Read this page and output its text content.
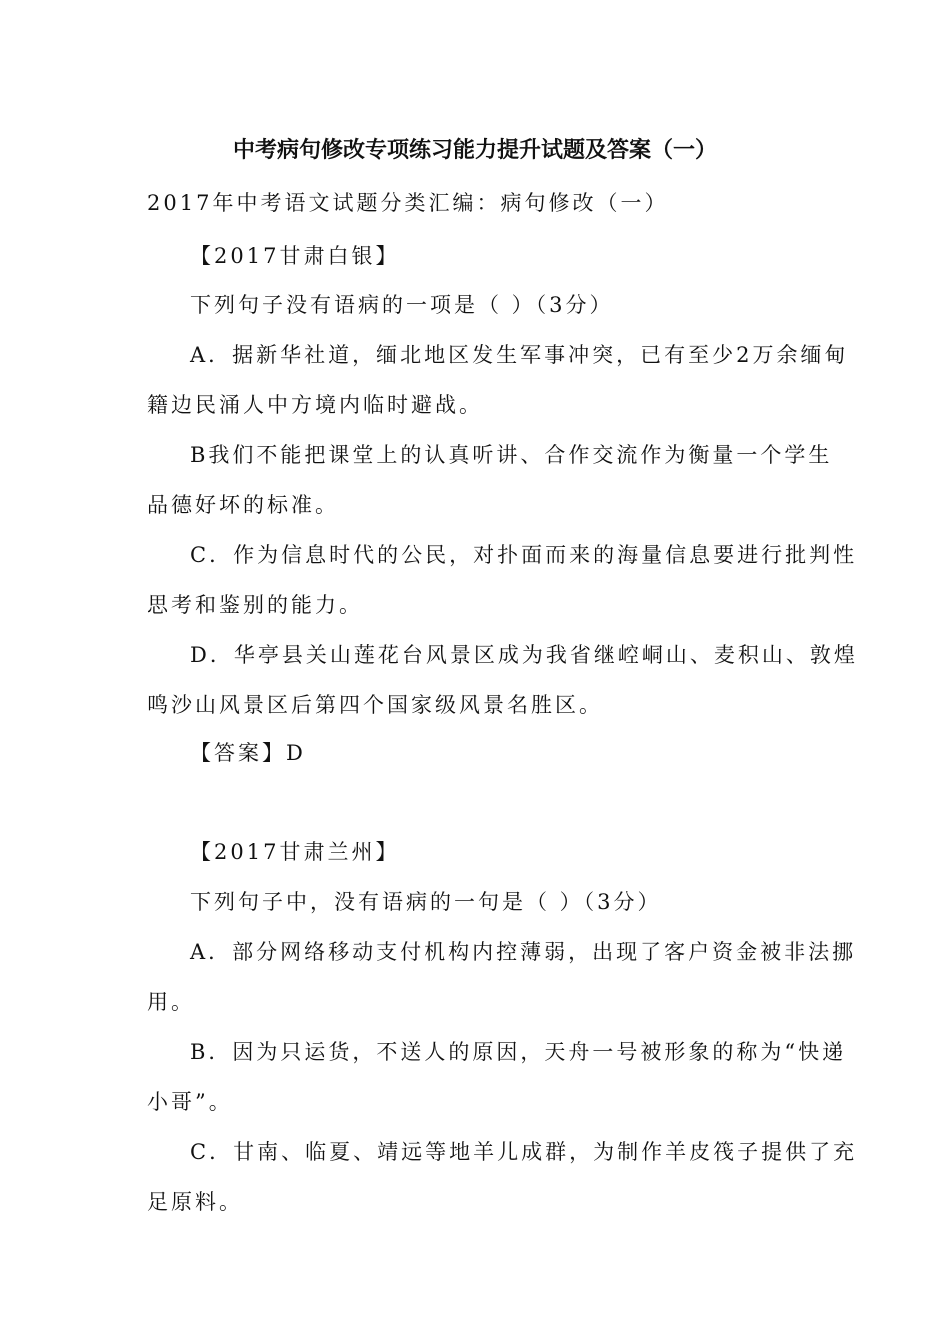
中考病句修改专项练习能力提升试题及答案（一）
2017年中考语文试题分类汇编：病句修改（一）
【2017甘肃白银】
下列句子没有语病的一项是（ ）（3分）
A．据新华社道，缅北地区发生军事冲突，已有至少2万余缅甸
籍边民涌人中方境内临时避战。
B我们不能把课堂上的认真听讲、合作交流作为衡量一个学生
品德好坏的标准。
C．作为信息时代的公民，对扑面而来的海量信息要进行批判性
思考和鉴别的能力。
D．华亭县关山莲花台风景区成为我省继崆峒山、麦积山、敦煌
鸣沙山风景区后第四个国家级风景名胜区。
【答案】D
【2017甘肃兰州】
下列句子中，没有语病的一句是（ ）（3分）
A．部分网络移动支付机构内控薄弱，出现了客户资金被非法挪
用。
B．因为只运货，不送人的原因，天舟一号被形象的称为“快递
小哥”。
C．甘南、临夏、靖远等地羊儿成群，为制作羊皮筏子提供了充
足原料。
